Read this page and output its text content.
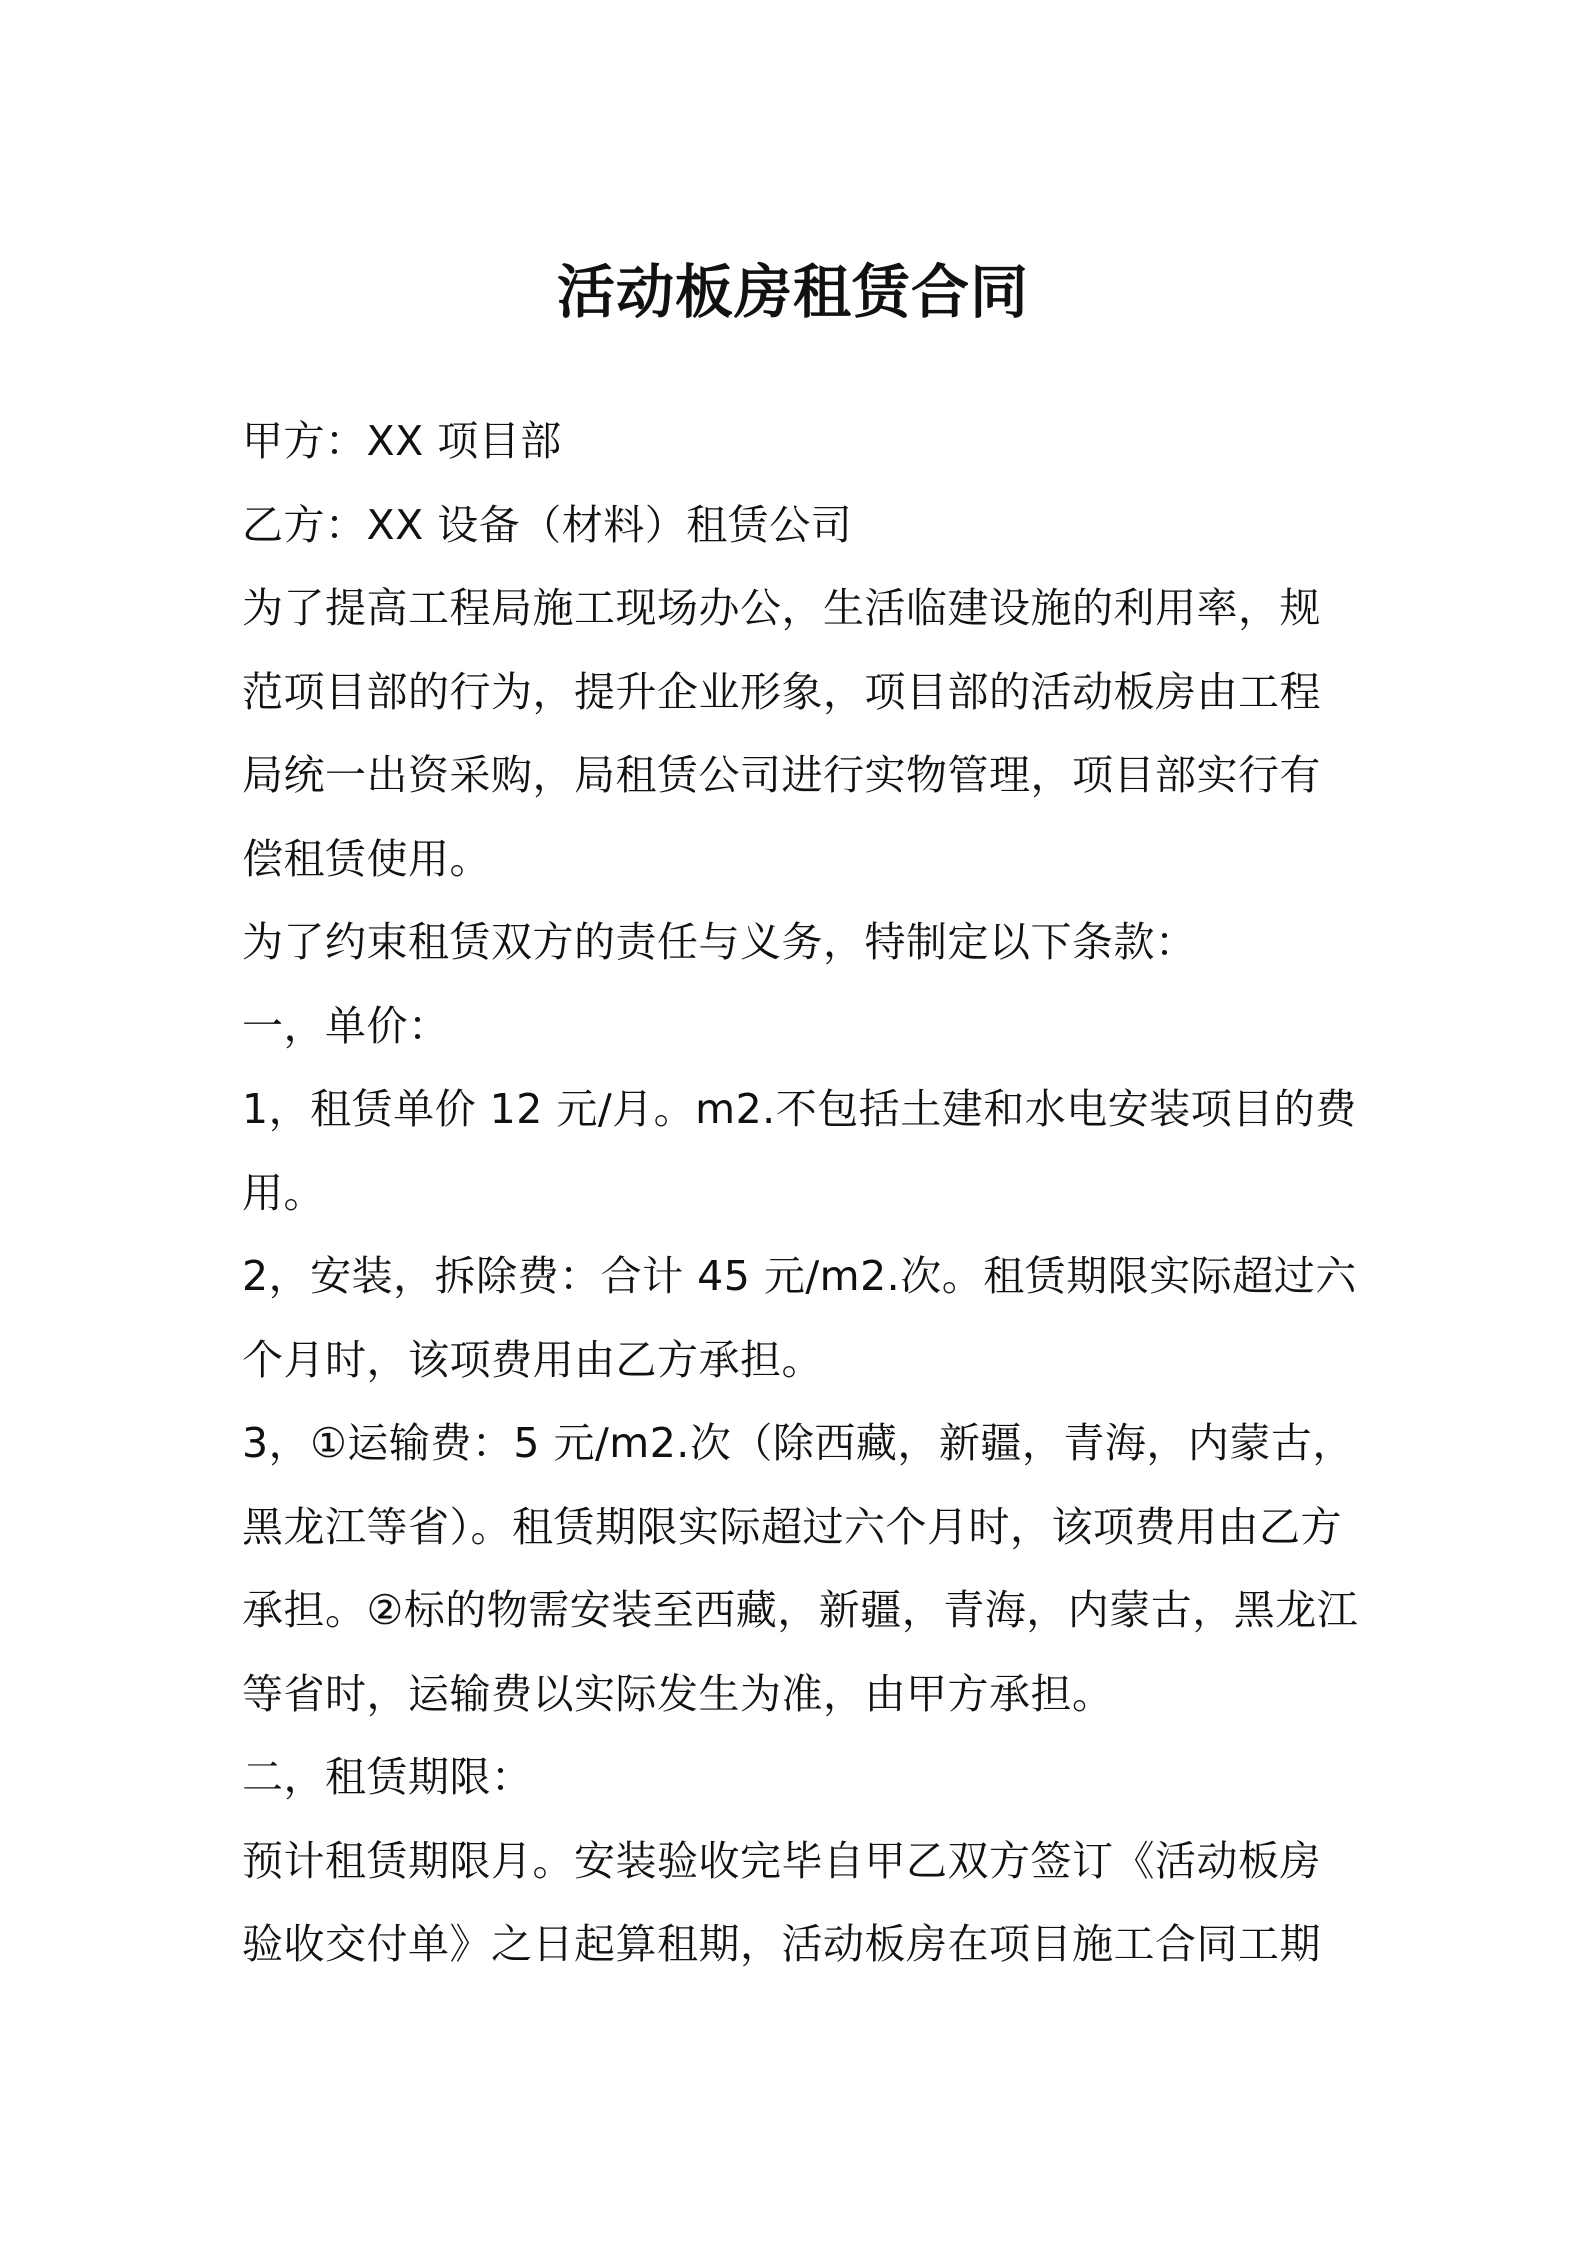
活动板房租赁合同

甲方：XX 项目部

乙方：XX 设备（材料）租赁公司

为了提高工程局施工现场办公，生活临建设施的利用率，规范项目部的行为，提升企业形象，项目部的活动板房由工程局统一出资采购，局租赁公司进行实物管理，项目部实行有偿租赁使用。

为了约束租赁双方的责任与义务，特制定以下条款：

一，单价：

1，租赁单价 12 元/月。m2.不包括土建和水电安装项目的费用。

2，安装，拆除费：合计 45 元/m2.次。租赁期限实际超过六个月时，该项费用由乙方承担。

3，①运输费：5 元/m2.次（除西藏，新疆，青海，内蒙古，黑龙江等省）。租赁期限实际超过六个月时，该项费用由乙方承担。②标的物需安装至西藏，新疆，青海，内蒙古，黑龙江等省时，运输费以实际发生为准，由甲方承担。

二，租赁期限：

预计租赁期限月。安装验收完毕自甲乙双方签订《活动板房验收交付单》之日起算租期，活动板房在项目施工合同工期
